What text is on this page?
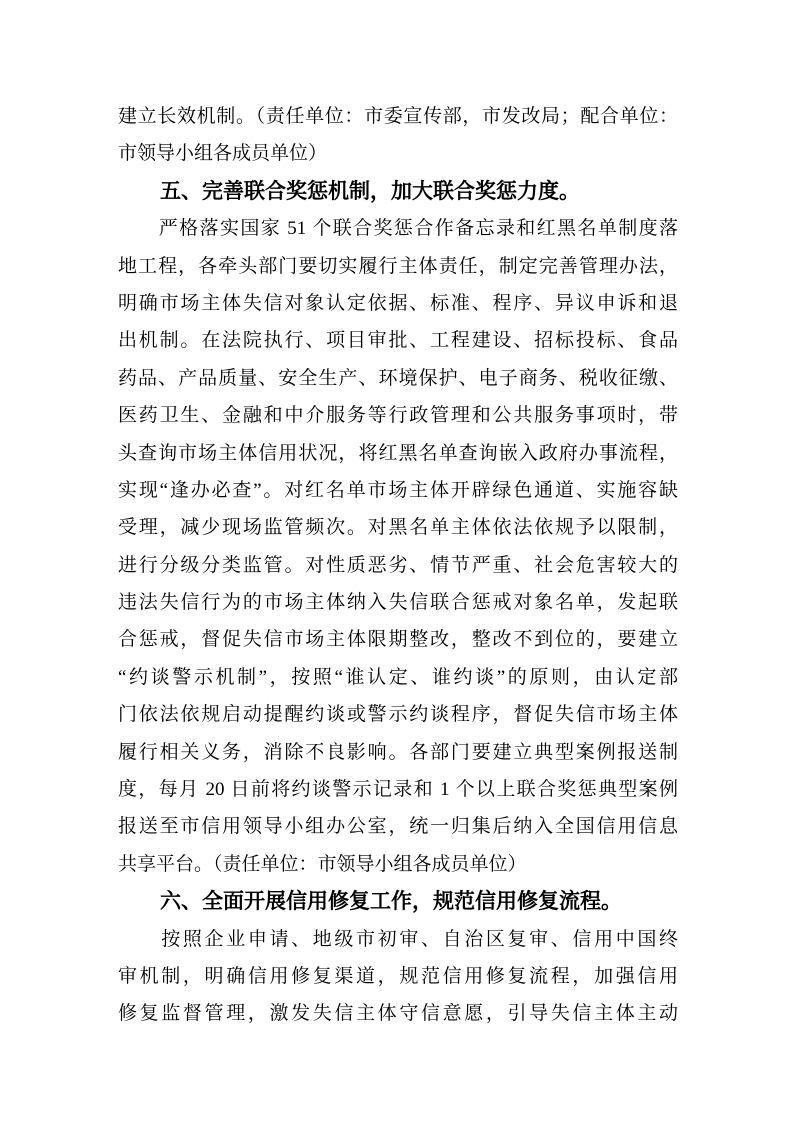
建立长效机制。（责任单位：市委宣传部，市发改局；配合单位：
市领导小组各成员单位）
　　五、完善联合奖惩机制，加大联合奖惩力度。
　　严格落实国家 51 个联合奖惩合作备忘录和红黑名单制度落
地工程，各牵头部门要切实履行主体责任，制定完善管理办法，
明确市场主体失信对象认定依据、标准、程序、异议申诉和退
出机制。在法院执行、项目审批、工程建设、招标投标、食品
药品、产品质量、安全生产、环境保护、电子商务、税收征缴、
医药卫生、金融和中介服务等行政管理和公共服务事项时，带
头查询市场主体信用状况，将红黑名单查询嵌入政府办事流程，
实现“逢办必查”。对红名单市场主体开辟绿色通道、实施容缺
受理，减少现场监管频次。对黑名单主体依法依规予以限制，
进行分级分类监管。对性质恶劣、情节严重、社会危害较大的
违法失信行为的市场主体纳入失信联合惩戒对象名单，发起联
合惩戒，督促失信市场主体限期整改，整改不到位的，要建立
“约谈警示机制”，按照“谁认定、谁约谈”的原则，由认定部
门依法依规启动提醒约谈或警示约谈程序，督促失信市场主体
履行相关义务，消除不良影响。各部门要建立典型案例报送制
度，每月 20 日前将约谈警示记录和 1 个以上联合奖惩典型案例
报送至市信用领导小组办公室，统一归集后纳入全国信用信息
共享平台。（责任单位：市领导小组各成员单位）
　　六、全面开展信用修复工作，规范信用修复流程。
　　按照企业申请、地级市初审、自治区复审、信用中国终
审机制，明确信用修复渠道，规范信用修复流程，加强信用
修复监督管理，激发失信主体守信意愿，引导失信主体主动
